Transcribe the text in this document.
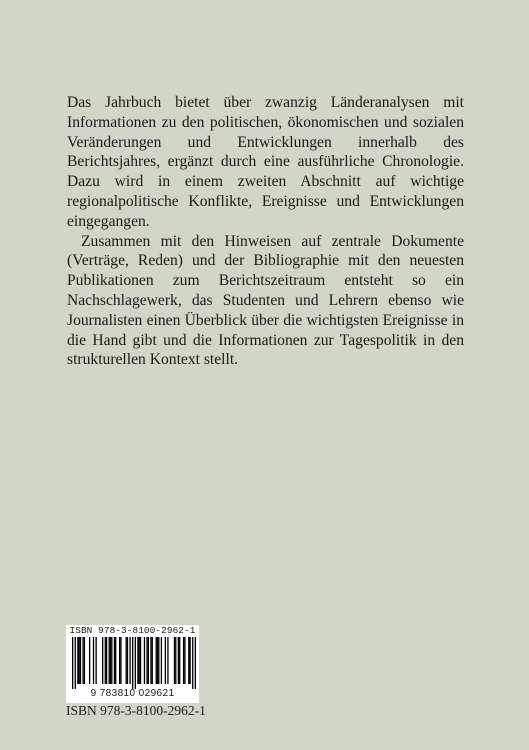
Das Jahrbuch bietet über zwanzig Länderanalysen mit Informationen zu den politischen, ökonomischen und sozialen Veränderungen und Entwicklungen innerhalb des Berichtsjahres, ergänzt durch eine ausführliche Chronologie. Dazu wird in einem zweiten Abschnitt auf wichtige regionalpolitische Konflikte, Ereignisse und Entwicklungen eingegangen.

Zusammen mit den Hinweisen auf zentrale Dokumente (Verträge, Reden) und der Bibliographie mit den neuesten Publikationen zum Berichtszeitraum entsteht so ein Nachschlagewerk, das Studenten und Lehrern ebenso wie Journalisten einen Überblick über die wichtigsten Ereignisse in die Hand gibt und die Informationen zur Tagespolitik in den strukturellen Kontext stellt.

ISBN 978-3-8100-2962-1
9 783810 029621
ISBN 978-3-8100-2962-1
